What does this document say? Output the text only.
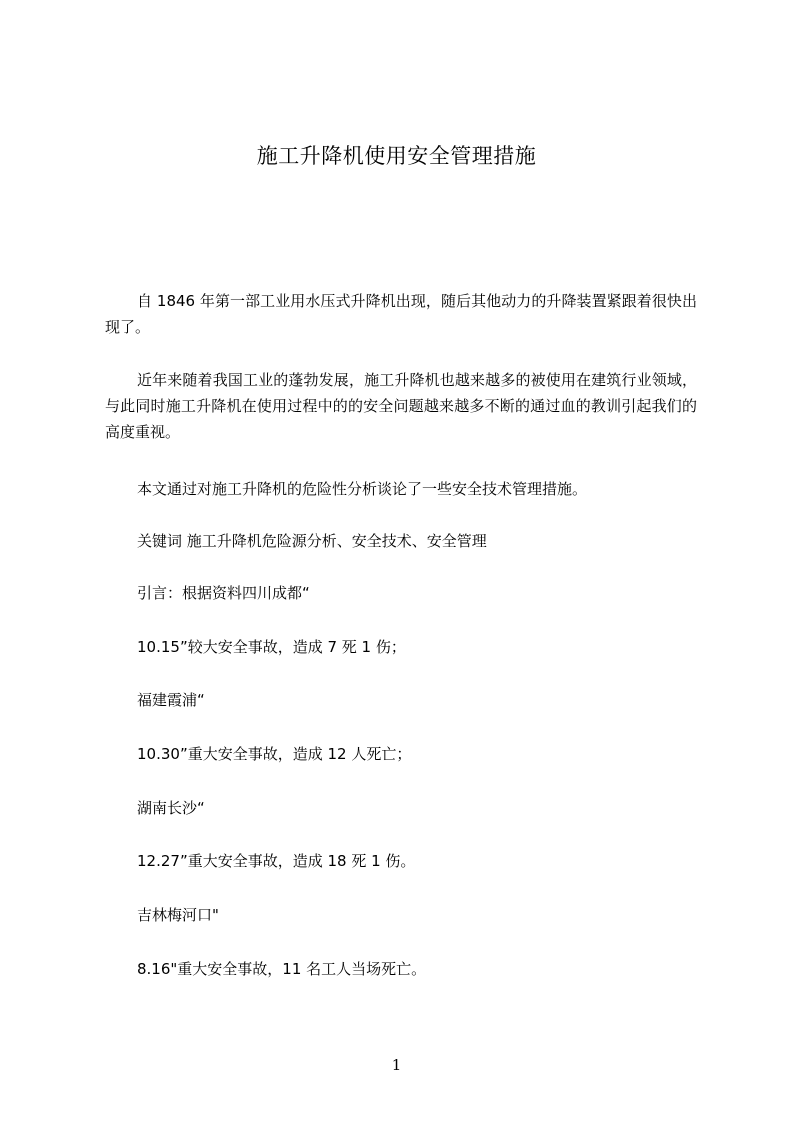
施工升降机使用安全管理措施

自 1846 年第一部工业用水压式升降机出现，随后其他动力的升降装置紧跟着很快出现了。

近年来随着我国工业的蓬勃发展，施工升降机也越来越多的被使用在建筑行业领域，与此同时施工升降机在使用过程中的的安全问题越来越多不断的通过血的教训引起我们的高度重视。

本文通过对施工升降机的危险性分析谈论了一些安全技术管理措施。
关键词 施工升降机危险源分析、安全技术、安全管理
引言：根据资料四川成都“
10.15”较大安全事故，造成 7 死 1 伤；
福建霞浦“
10.30”重大安全事故，造成 12 人死亡；
湖南长沙“
12.27”重大安全事故，造成 18 死 1 伤。
吉林梅河口"
8.16"重大安全事故，11 名工人当场死亡。
1
